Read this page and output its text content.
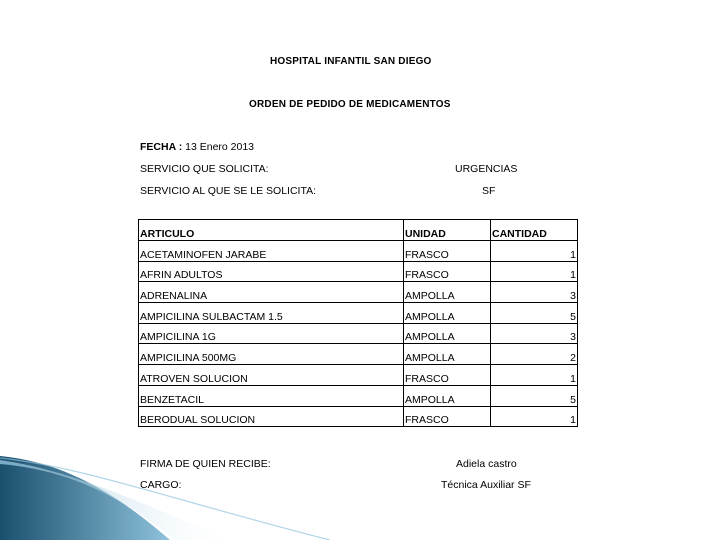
HOSPITAL INFANTIL SAN DIEGO
ORDEN DE PEDIDO DE MEDICAMENTOS
FECHA : 13 Enero 2013
SERVICIO QUE SOLICITA:	URGENCIAS
SERVICIO AL QUE SE LE SOLICITA:	SF
ARTICULO	UNIDAD	CANTIDAD
ACETAMINOFEN JARABE	FRASCO	1
AFRIN ADULTOS	FRASCO	1
ADRENALINA	AMPOLLA	3
AMPICILINA SULBACTAM 1.5	AMPOLLA	5
AMPICILINA 1G	AMPOLLA	3
AMPICILINA 500MG	AMPOLLA	2
ATROVEN SOLUCION	FRASCO	1
BENZETACIL	AMPOLLA	5
BERODUAL SOLUCION	FRASCO	1
FIRMA DE QUIEN RECIBE:	Adiela castro
CARGO:	Técnica Auxiliar SF
